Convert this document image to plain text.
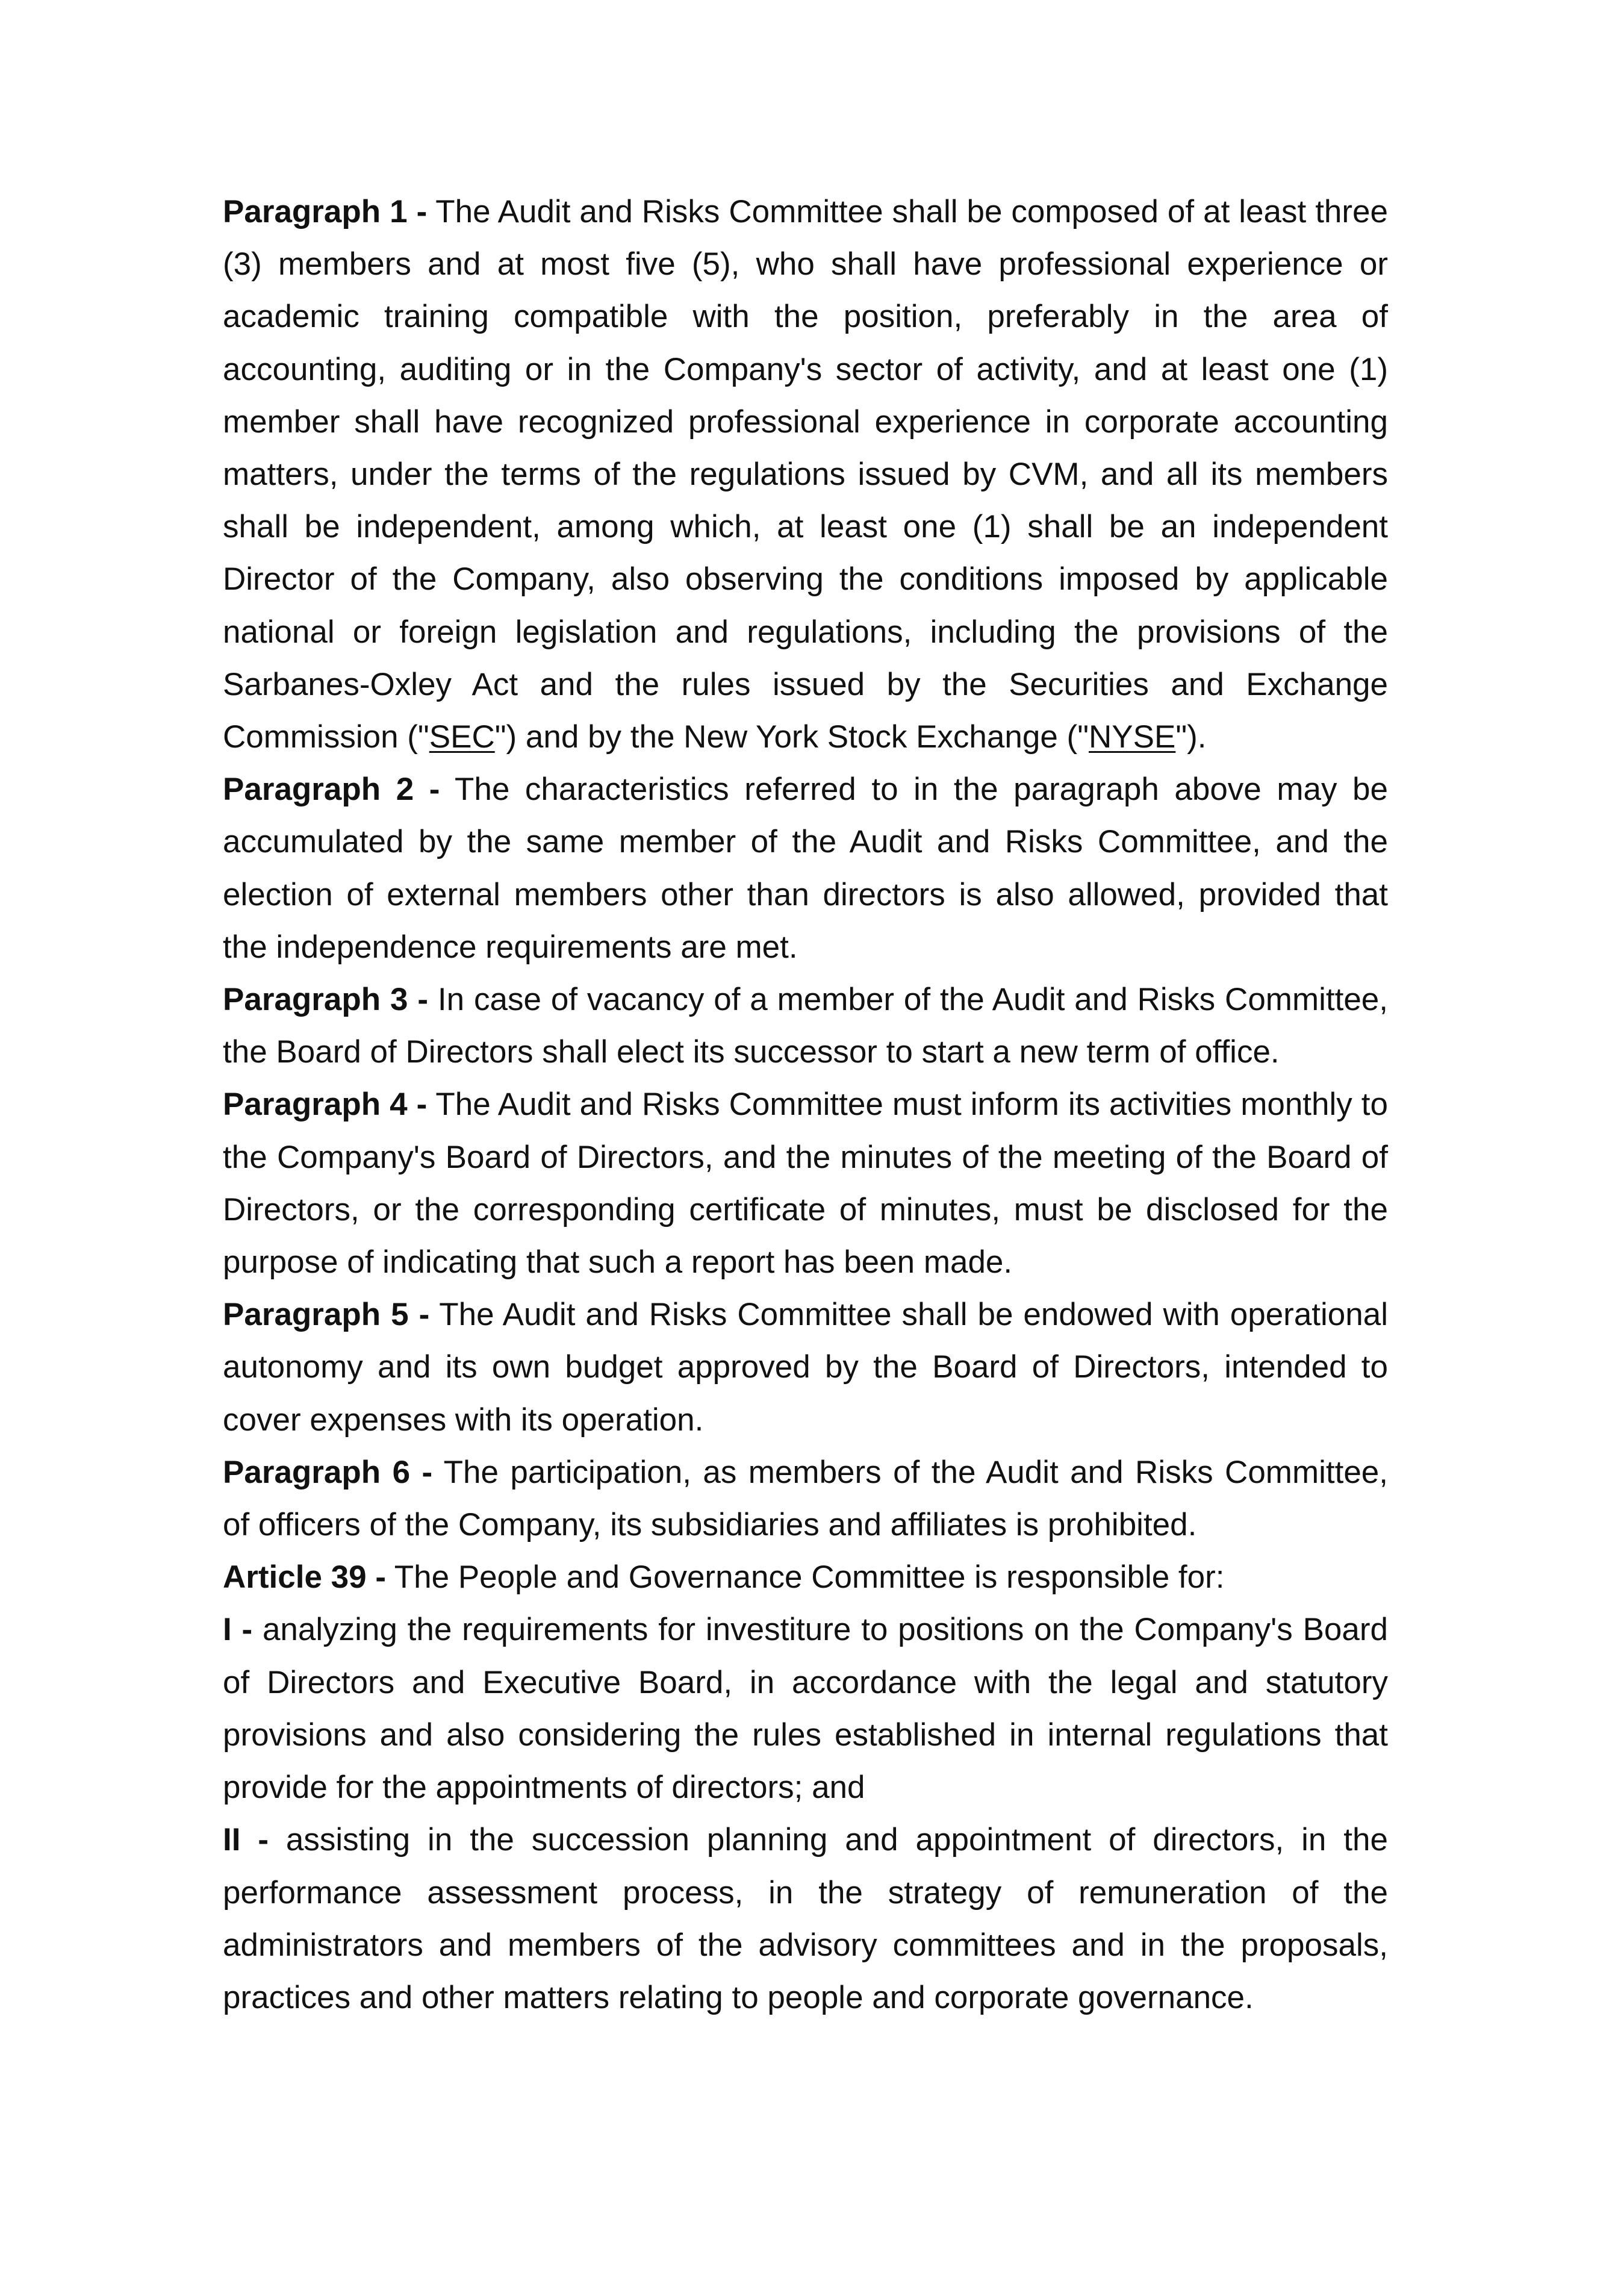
Paragraph 1 - The Audit and Risks Committee shall be composed of at least three (3) members and at most five (5), who shall have professional experience or academic training compatible with the position, preferably in the area of accounting, auditing or in the Company's sector of activity, and at least one (1) member shall have recognized professional experience in corporate accounting matters, under the terms of the regulations issued by CVM, and all its members shall be independent, among which, at least one (1) shall be an independent Director of the Company, also observing the conditions imposed by applicable national or foreign legislation and regulations, including the provisions of the Sarbanes-Oxley Act and the rules issued by the Securities and Exchange Commission ("SEC") and by the New York Stock Exchange ("NYSE").

Paragraph 2 - The characteristics referred to in the paragraph above may be accumulated by the same member of the Audit and Risks Committee, and the election of external members other than directors is also allowed, provided that the independence requirements are met.

Paragraph 3 - In case of vacancy of a member of the Audit and Risks Committee, the Board of Directors shall elect its successor to start a new term of office.

Paragraph 4 - The Audit and Risks Committee must inform its activities monthly to the Company's Board of Directors, and the minutes of the meeting of the Board of Directors, or the corresponding certificate of minutes, must be disclosed for the purpose of indicating that such a report has been made.

Paragraph 5 - The Audit and Risks Committee shall be endowed with operational autonomy and its own budget approved by the Board of Directors, intended to cover expenses with its operation.

Paragraph 6 - The participation, as members of the Audit and Risks Committee, of officers of the Company, its subsidiaries and affiliates is prohibited.

Article 39 - The People and Governance Committee is responsible for:

I - analyzing the requirements for investiture to positions on the Company's Board of Directors and Executive Board, in accordance with the legal and statutory provisions and also considering the rules established in internal regulations that provide for the appointments of directors; and

II - assisting in the succession planning and appointment of directors, in the performance assessment process, in the strategy of remuneration of the administrators and members of the advisory committees and in the proposals, practices and other matters relating to people and corporate governance.
